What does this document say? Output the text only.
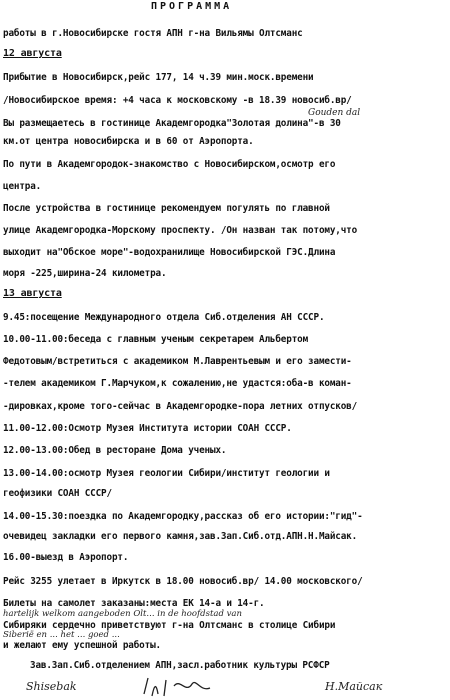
ПРОГРАММА
работы в г.Новосибирске гостя АПН г-на Вильямы Олтсманс
12 августа
Прибытие в Новосибирск,рейс 177, 14 ч.39 мин.моск.времени
/Новосибирское время: +4 часа к московскому -в 18.39 новосиб.вр/
Вы размещаетесь в гостинице Академгородка"Золотая долина"-в 30
км.от центра новосибирска и в 60 от Аэропорта.
По пути в Академгородок-знакомство с Новосибирском,осмотр его
центра.
После устройства в гостинице рекомендуем погулять по главной
улице Академгородка-Морскому проспекту. /Он назван так потому,что
выходит на"Обское море"-водохранилище Новосибирской ГЭС.Длина
моря -225,ширина-24 километра.
13 августа
9.45:посещение Международного отдела Сиб.отделения АН СССР.
10.00-11.00:беседа с главным ученым секретарем Альбертом
Федотовым/встретиться с академиком М.Лаврентьевым и его замести-
-телем академиком Г.Марчуком,к сожалению,не удастся:оба-в коман-
-дировках,кроме того-сейчас в Академгородке-пора летних отпусков/
11.00-12.00:Осмотр Музея Института истории СОАН СССР.
12.00-13.00:Обед в ресторане Дома ученых.
13.00-14.00:осмотр Музея геологии Сибири/институт геологии и
геофизики СОАН СССР/
14.00-15.30:поездка по Академгородку,рассказ об его истории:"гид"-
очевидец закладки его первого камня,зав.Зап.Сиб.отд.АПН.Н.Майсак.
16.00-выезд в Аэропорт.
Рейс 3255 улетает в Иркутск в 18.00 новосиб.вр/ 14.00 московского/
Билеты на самолет заказаны:места ЕК 14-а и 14-г.
Сибиряки сердечно приветствуют г-на Олтсманс в столице Сибири
и желают ему успешной работы.
Зав.Зап.Сиб.отделением АПН,засл.работник культуры РСФСР
Gouden dal
hartelijk welkom aangeboden Olt... in de hoofdstad van
Siberië en ... het ... goed ...
Shisebak	Н.Майсак
